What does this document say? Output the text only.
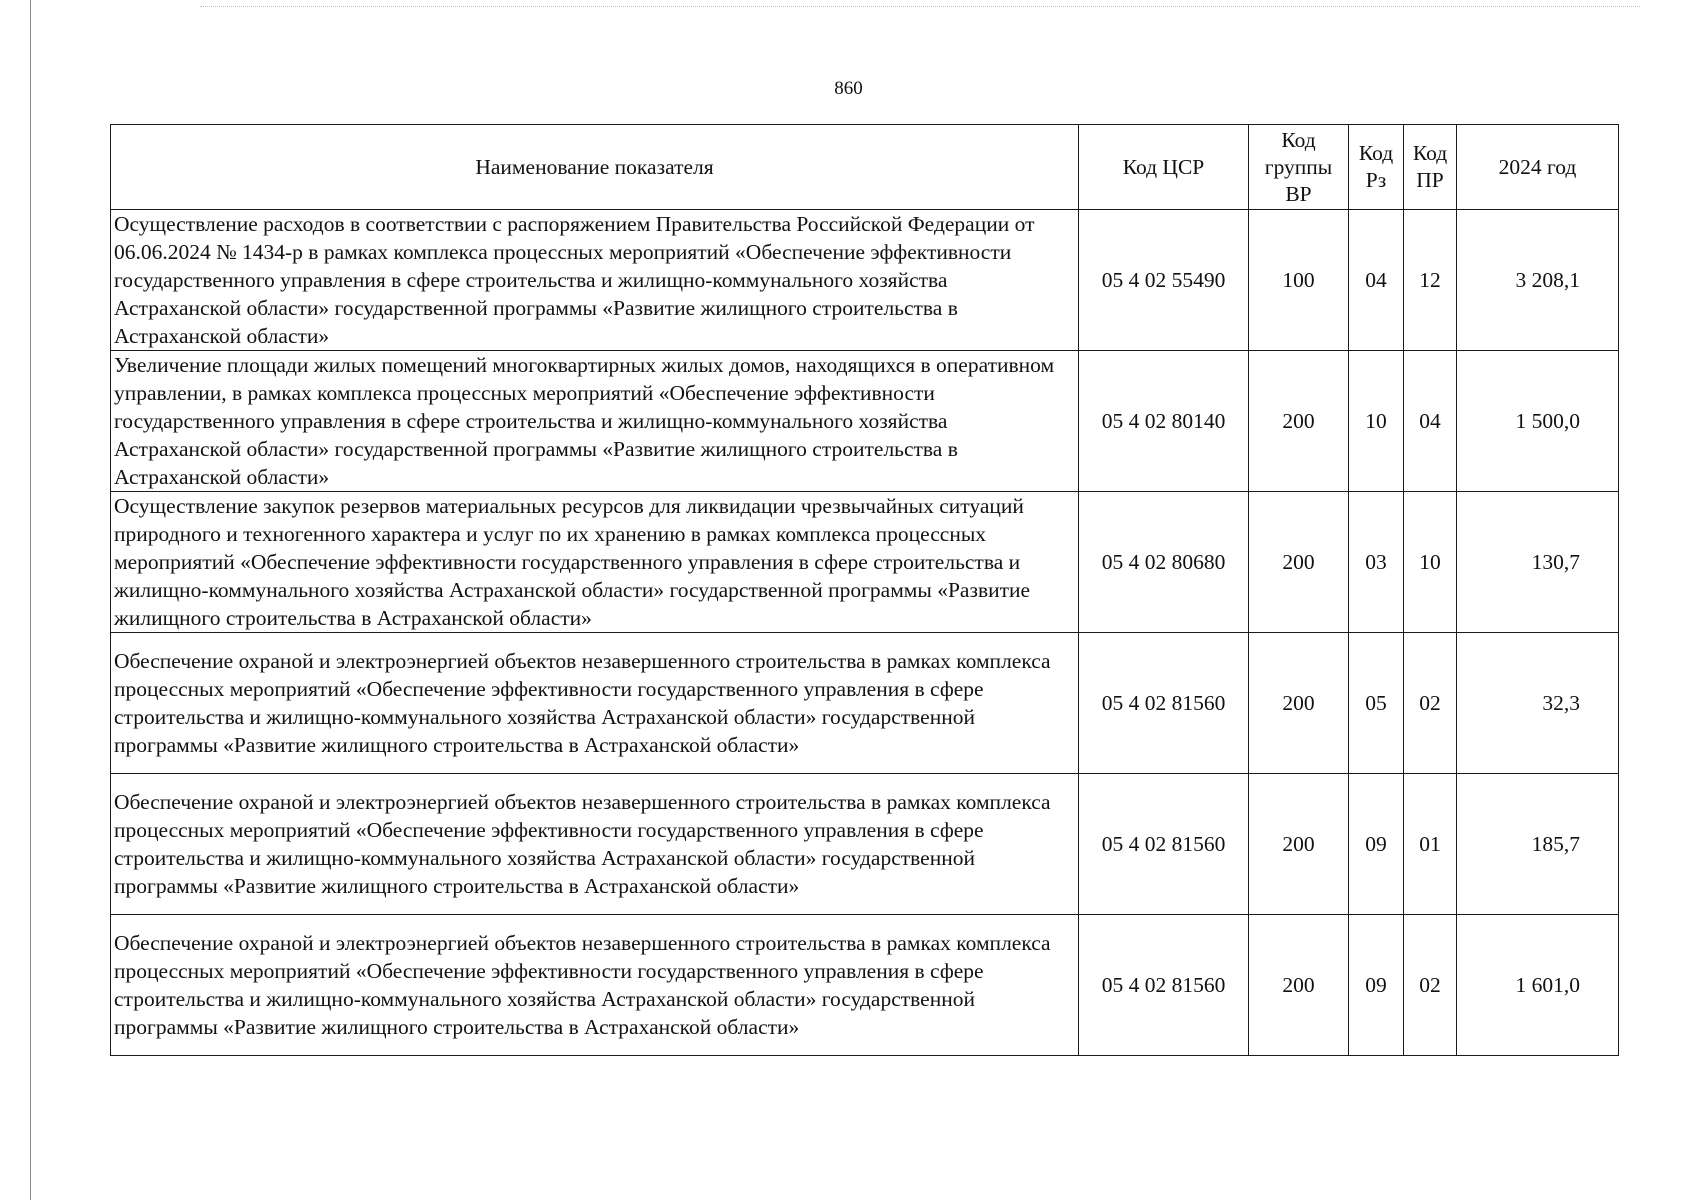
860
Наименование показателя	Код ЦСР	Код группы ВР	Код Рз	Код ПР	2024 год
Осуществление расходов в соответствии с распоряжением Правительства Российской Федерации от 06.06.2024 № 1434-р в рамках комплекса процессных мероприятий «Обеспечение эффективности государственного управления в сфере строительства и жилищно-коммунального хозяйства Астраханской области» государственной программы «Развитие жилищного строительства в Астраханской области»	05 4 02 55490	100	04	12	3 208,1
Увеличение площади жилых помещений многоквартирных жилых домов, находящихся в оперативном управлении, в рамках комплекса процессных мероприятий «Обеспечение эффективности государственного управления в сфере строительства и жилищно-коммунального хозяйства Астраханской области» государственной программы «Развитие жилищного строительства в Астраханской области»	05 4 02 80140	200	10	04	1 500,0
Осуществление закупок резервов материальных ресурсов для ликвидации чрезвычайных ситуаций природного и техногенного характера и услуг по их хранению в рамках комплекса процессных мероприятий «Обеспечение эффективности государственного управления в сфере строительства и жилищно-коммунального хозяйства Астраханской области» государственной программы «Развитие жилищного строительства в Астраханской области»	05 4 02 80680	200	03	10	130,7
Обеспечение охраной и электроэнергией объектов незавершенного строительства в рамках комплекса процессных мероприятий «Обеспечение эффективности государственного управления в сфере строительства и жилищно-коммунального хозяйства Астраханской области» государственной программы «Развитие жилищного строительства в Астраханской области»	05 4 02 81560	200	05	02	32,3
Обеспечение охраной и электроэнергией объектов незавершенного строительства в рамках комплекса процессных мероприятий «Обеспечение эффективности государственного управления в сфере строительства и жилищно-коммунального хозяйства Астраханской области» государственной программы «Развитие жилищного строительства в Астраханской области»	05 4 02 81560	200	09	01	185,7
Обеспечение охраной и электроэнергией объектов незавершенного строительства в рамках комплекса процессных мероприятий «Обеспечение эффективности государственного управления в сфере строительства и жилищно-коммунального хозяйства Астраханской области» государственной программы «Развитие жилищного строительства в Астраханской области»	05 4 02 81560	200	09	02	1 601,0
